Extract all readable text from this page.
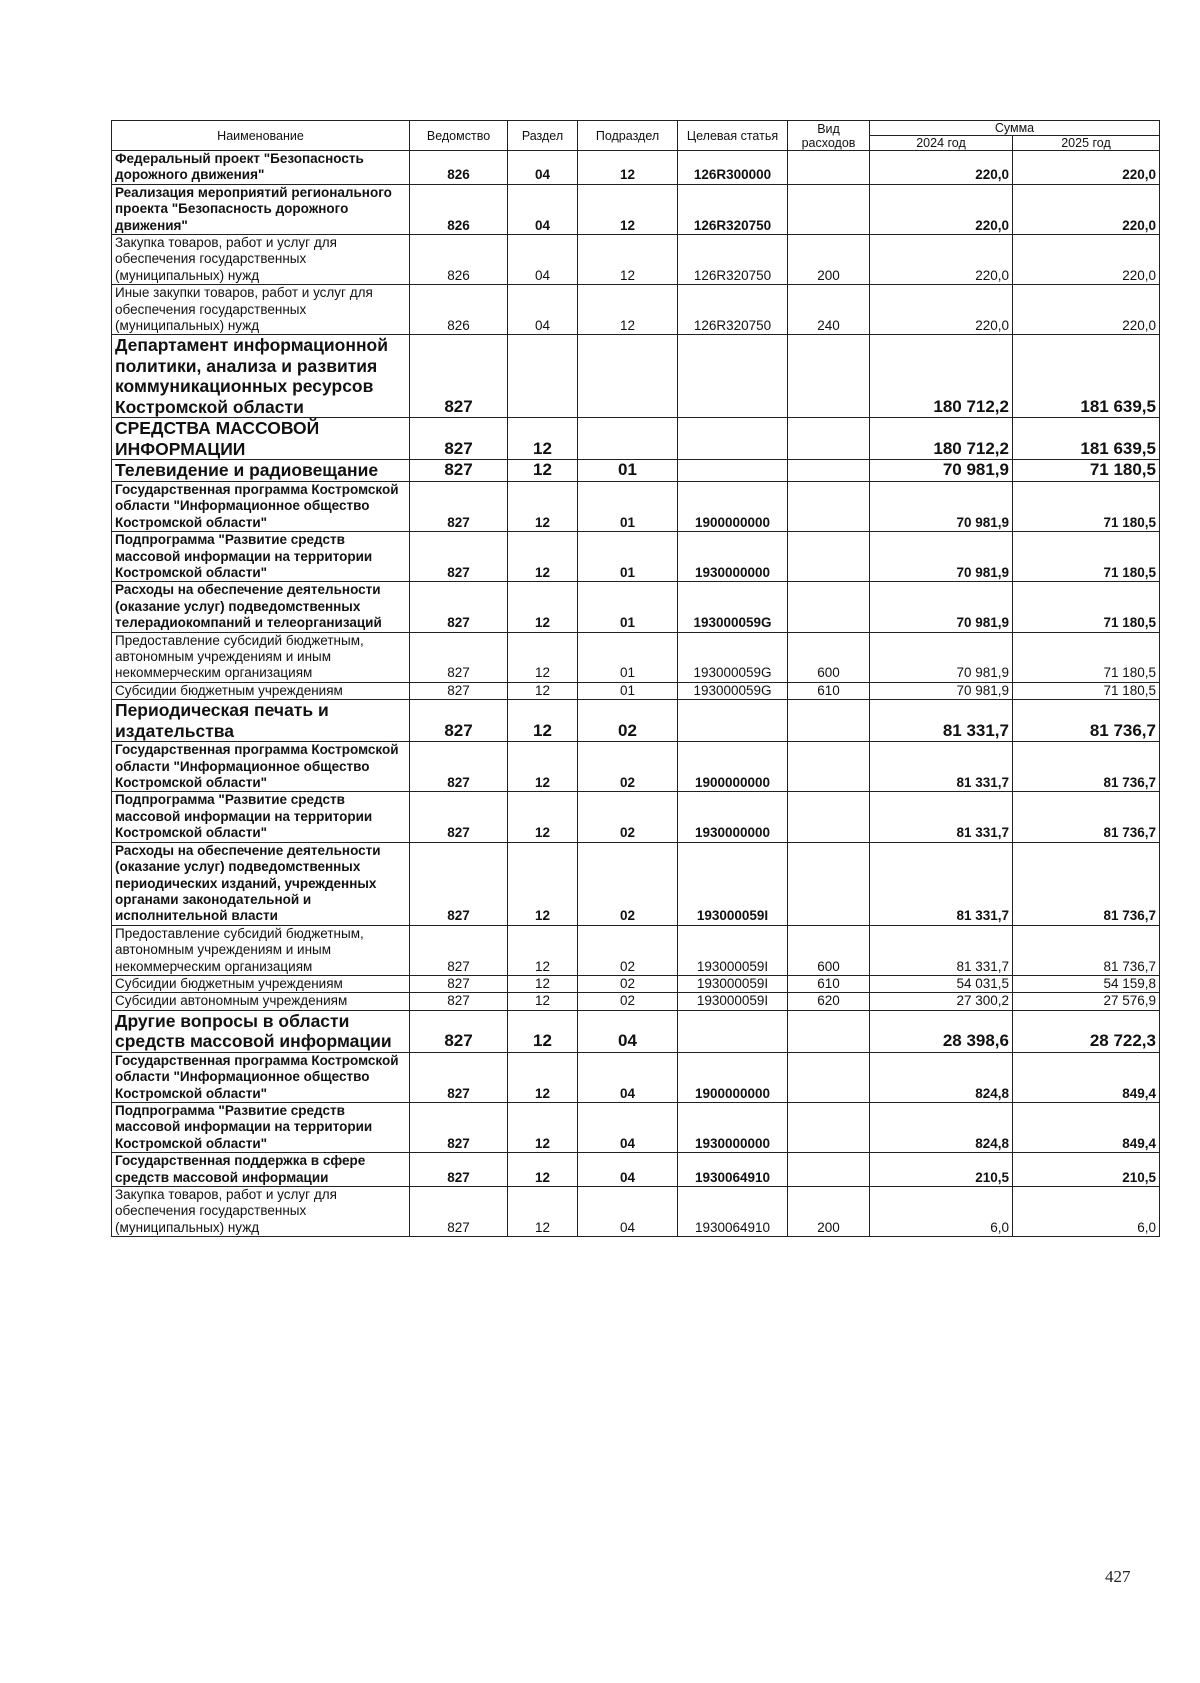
Наименование	Ведомство	Раздел	Подраздел	Целевая статья	Вид расходов	Сумма	
						2024 год	2025 год
Федеральный проект "Безопасность дорожного движения"	826	04	12	126R300000		220,0	220,0
Реализация мероприятий регионального проекта "Безопасность дорожного движения"	826	04	12	126R320750		220,0	220,0
Закупка товаров, работ и услуг для обеспечения государственных (муниципальных) нужд	826	04	12	126R320750	200	220,0	220,0
Иные закупки товаров, работ и услуг для обеспечения государственных (муниципальных) нужд	826	04	12	126R320750	240	220,0	220,0
Департамент информационной политики, анализа и развития коммуникационных ресурсов Костромской области	827					180 712,2	181 639,5
СРЕДСТВА МАССОВОЙ ИНФОРМАЦИИ	827	12				180 712,2	181 639,5
Телевидение и радиовещание	827	12	01			70 981,9	71 180,5
Государственная программа Костромской области "Информационное общество Костромской области"	827	12	01	1900000000		70 981,9	71 180,5
Подпрограмма "Развитие средств массовой информации на территории Костромской области"	827	12	01	1930000000		70 981,9	71 180,5
Расходы на обеспечение деятельности (оказание услуг) подведомственных телерадиокомпаний и телеорганизаций	827	12	01	193000059G		70 981,9	71 180,5
Предоставление субсидий бюджетным, автономным учреждениям и иным некоммерческим организациям	827	12	01	193000059G	600	70 981,9	71 180,5
Субсидии бюджетным учреждениям	827	12	01	193000059G	610	70 981,9	71 180,5
Периодическая печать и издательства	827	12	02			81 331,7	81 736,7
Государственная программа Костромской области "Информационное общество Костромской области"	827	12	02	1900000000		81 331,7	81 736,7
Подпрограмма "Развитие средств массовой информации на территории Костромской области"	827	12	02	1930000000		81 331,7	81 736,7
Расходы на обеспечение деятельности (оказание услуг) подведомственных периодических изданий, учрежденных органами законодательной и исполнительной власти	827	12	02	193000059I		81 331,7	81 736,7
Предоставление субсидий бюджетным, автономным учреждениям и иным некоммерческим организациям	827	12	02	193000059I	600	81 331,7	81 736,7
Субсидии бюджетным учреждениям	827	12	02	193000059I	610	54 031,5	54 159,8
Субсидии автономным учреждениям	827	12	02	193000059I	620	27 300,2	27 576,9
Другие вопросы в области средств массовой информации	827	12	04			28 398,6	28 722,3
Государственная программа Костромской области "Информационное общество Костромской области"	827	12	04	1900000000		824,8	849,4
Подпрограмма "Развитие средств массовой информации на территории Костромской области"	827	12	04	1930000000		824,8	849,4
Государственная поддержка в сфере средств массовой информации	827	12	04	1930064910		210,5	210,5
Закупка товаров, работ и услуг для обеспечения государственных (муниципальных) нужд	827	12	04	1930064910	200	6,0	6,0
427
